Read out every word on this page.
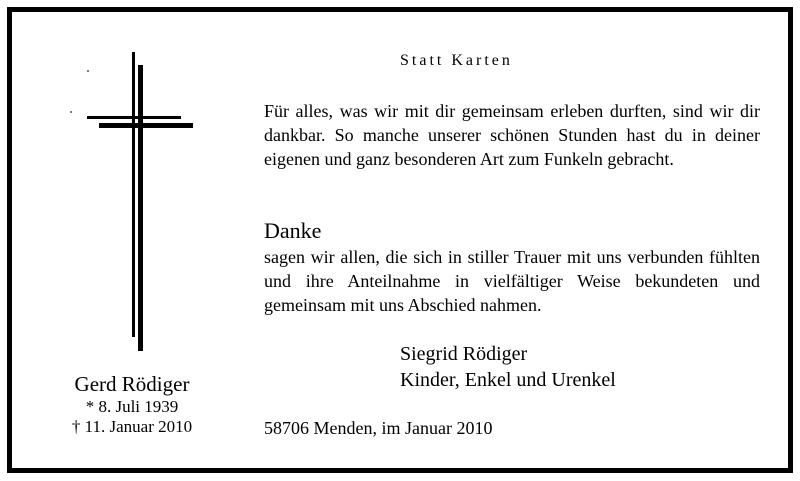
Statt Karten

Für alles, was wir mit dir gemeinsam erleben durften, sind wir dir dankbar. So manche unserer schönen Stunden hast du in deiner eigenen und ganz besonderen Art zum Funkeln gebracht.

Danke

sagen wir allen, die sich in stiller Trauer mit uns verbunden fühlten und ihre Anteilnahme in vielfältiger Weise bekundeten und gemeinsam mit uns Abschied nahmen.

Siegrid Rödiger
Kinder, Enkel und Urenkel
58706 Menden, im Januar 2010
Gerd Rödiger
* 8. Juli 1939
† 11. Januar 2010
